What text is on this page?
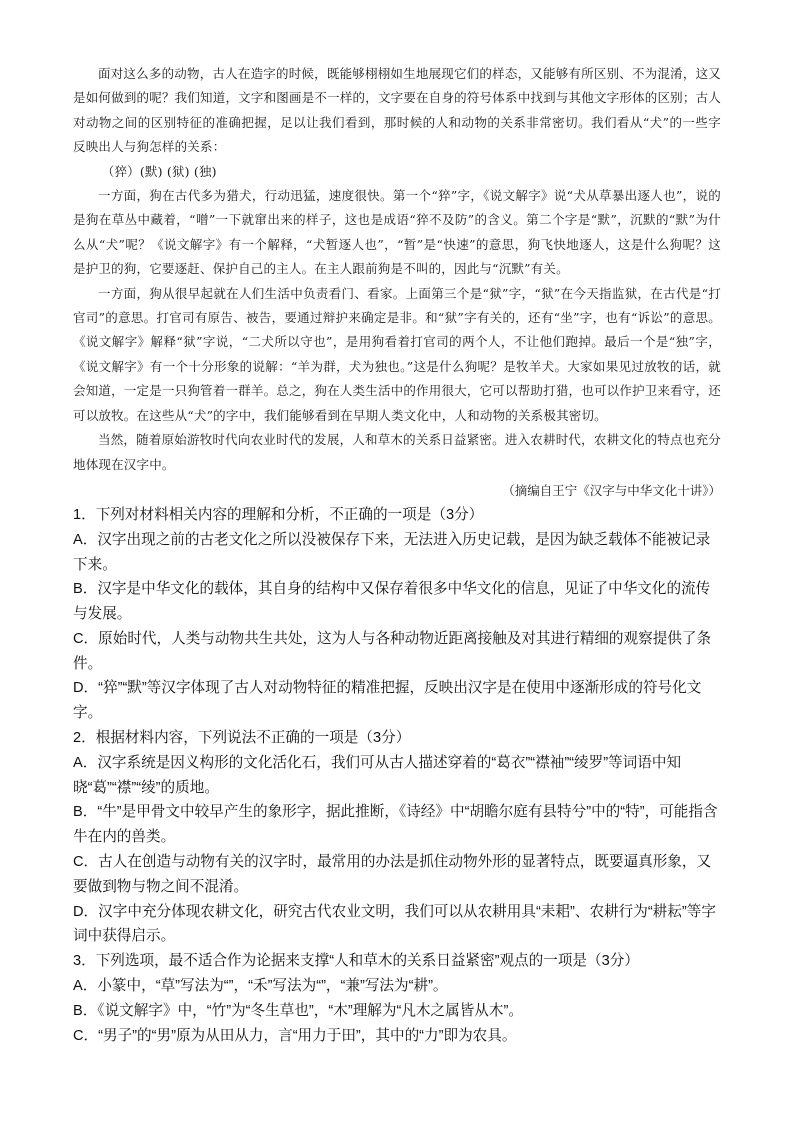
面对这么多的动物，古人在造字的时候，既能够栩栩如生地展现它们的样态，又能够有所区别、不为混淆，这又是如何做到的呢？我们知道，文字和图画是不一样的，文字要在自身的符号体系中找到与其他文字形体的区别；古人对动物之间的区别特征的准确把握，足以让我们看到，那时候的人和动物的关系非常密切。我们看从“犬”的一些字反映出人与狗怎样的关系：

（猝）(默) (狱) (独)

一方面，狗在古代多为猎犬，行动迅猛，速度很快。第一个“猝”字，《说文解字》说“犬从草暴出逐人也”，说的是狗在草丛中藏着，“噌”一下就窜出来的样子，这也是成语“猝不及防”的含义。第二个字是“默”，沉默的“默”为什么从“犬”呢？《说文解字》有一个解释，“犬暂逐人也”，“暂”是“快速”的意思，狗飞快地逐人，这是什么狗呢？这是护卫的狗，它要逐赶、保护自己的主人。在主人跟前狗是不叫的，因此与“沉默”有关。

一方面，狗从很早起就在人们生活中负责看门、看家。上面第三个是“狱”字，“狱”在今天指监狱，在古代是“打官司”的意思。打官司有原告、被告，要通过辩护来确定是非。和“狱”字有关的，还有“坐”字，也有“诉讼”的意思。《说文解字》解释“狱”字说，“二犬所以守也”，是用狗看着打官司的两个人，不让他们跑掉。最后一个是“独”字，《说文解字》有一个十分形象的说解：“羊为群，犬为独也。”这是什么狗呢？是牧羊犬。大家如果见过放牧的话，就会知道，一定是一只狗管着一群羊。总之，狗在人类生活中的作用很大，它可以帮助打猎，也可以作护卫来看守，还可以放牧。在这些从“犬”的字中，我们能够看到在早期人类文化中，人和动物的关系极其密切。

当然，随着原始游牧时代向农业时代的发展，人和草木的关系日益紧密。进入农耕时代，农耕文化的特点也充分地体现在汉字中。

（摘编自王宁《汉字与中华文化十讲》）

1．下列对材料相关内容的理解和分析，不正确的一项是（3分）

A．汉字出现之前的古老文化之所以没被保存下来，无法进入历史记载，是因为缺乏载体不能被记录下来。

B．汉字是中华文化的载体，其自身的结构中又保存着很多中华文化的信息，见证了中华文化的流传与发展。

C．原始时代，人类与动物共生共处，这为人与各种动物近距离接触及对其进行精细的观察提供了条件。

D．“猝”“默”等汉字体现了古人对动物特征的精准把握，反映出汉字是在使用中逐渐形成的符号化文字。

2．根据材料内容，下列说法不正确的一项是（3分）

A．汉字系统是因义构形的文化活化石，我们可从古人描述穿着的“葛衣”“襟袖”“绫罗”等词语中知晓“葛”“襟”“绫”的质地。

B．“牛”是甲骨文中较早产生的象形字，据此推断，《诗经》中“胡瞻尔庭有县特兮”中的“特”，可能指含牛在内的兽类。

C．古人在创造与动物有关的汉字时，最常用的办法是抓住动物外形的显著特点，既要逼真形象，又要做到物与物之间不混淆。

D．汉字中充分体现农耕文化，研究古代农业文明，我们可以从农耕用具“耒耜”、农耕行为“耕耘”等字词中获得启示。

3．下列选项，最不适合作为论据来支撑“人和草木的关系日益紧密”观点的一项是（3分）

A．小篆中，“草”写法为“”，“禾”写法为“”，“兼”写法为“耕”。

B．《说文解字》中，“竹”为“冬生草也”，“木”理解为“凡木之属皆从木”。

C．“男子”的“男”原为从田从力，言“用力于田”，其中的“力”即为农具。
